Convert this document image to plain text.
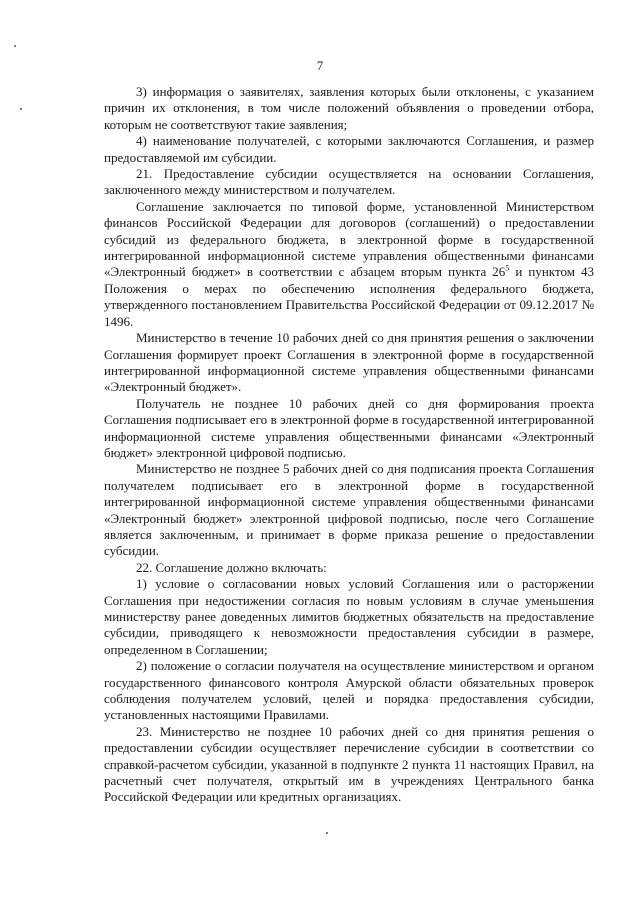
7

3) информация о заявителях, заявления которых были отклонены, с указанием причин их отклонения, в том числе положений объявления о проведении отбора, которым не соответствуют такие заявления;

4) наименование получателей, с которыми заключаются Соглашения, и размер предоставляемой им субсидии.

21. Предоставление субсидии осуществляется на основании Соглашения, заключенного между министерством и получателем.

Соглашение заключается по типовой форме, установленной Министерством финансов Российской Федерации для договоров (соглашений) о предоставлении субсидий из федерального бюджета, в электронной форме в государственной интегрированной информационной системе управления общественными финансами «Электронный бюджет» в соответствии с абзацем вторым пункта $26^5$ и пунктом 43 Положения о мерах по обеспечению исполнения федерального бюджета, утвержденного постановлением Правительства Российской Федерации от 09.12.2017 № 1496.

Министерство в течение 10 рабочих дней со дня принятия решения о заключении Соглашения формирует проект Соглашения в электронной форме в государственной интегрированной информационной системе управления общественными финансами «Электронный бюджет».

Получатель не позднее 10 рабочих дней со дня формирования проекта Соглашения подписывает его в электронной форме в государственной интегрированной информационной системе управления общественными финансами «Электронный бюджет» электронной цифровой подписью.

Министерство не позднее 5 рабочих дней со дня подписания проекта Соглашения получателем подписывает его в электронной форме в государственной интегрированной информационной системе управления общественными финансами «Электронный бюджет» электронной цифровой подписью, после чего Соглашение является заключенным, и принимает в форме приказа решение о предоставлении субсидии.

22. Соглашение должно включать:

1) условие о согласовании новых условий Соглашения или о расторжении Соглашения при недостижении согласия по новым условиям в случае уменьшения министерству ранее доведенных лимитов бюджетных обязательств на предоставление субсидии, приводящего к невозможности предоставления субсидии в размере, определенном в Соглашении;

2) положение о согласии получателя на осуществление министерством и органом государственного финансового контроля Амурской области обязательных проверок соблюдения получателем условий, целей и порядка предоставления субсидии, установленных настоящими Правилами.

23. Министерство не позднее 10 рабочих дней со дня принятия решения о предоставлении субсидии осуществляет перечисление субсидии в соответствии со справкой-расчетом субсидии, указанной в подпункте 2 пункта 11 настоящих Правил, на расчетный счет получателя, открытый им в учреждениях Центрального банка Российской Федерации или кредитных организациях.
